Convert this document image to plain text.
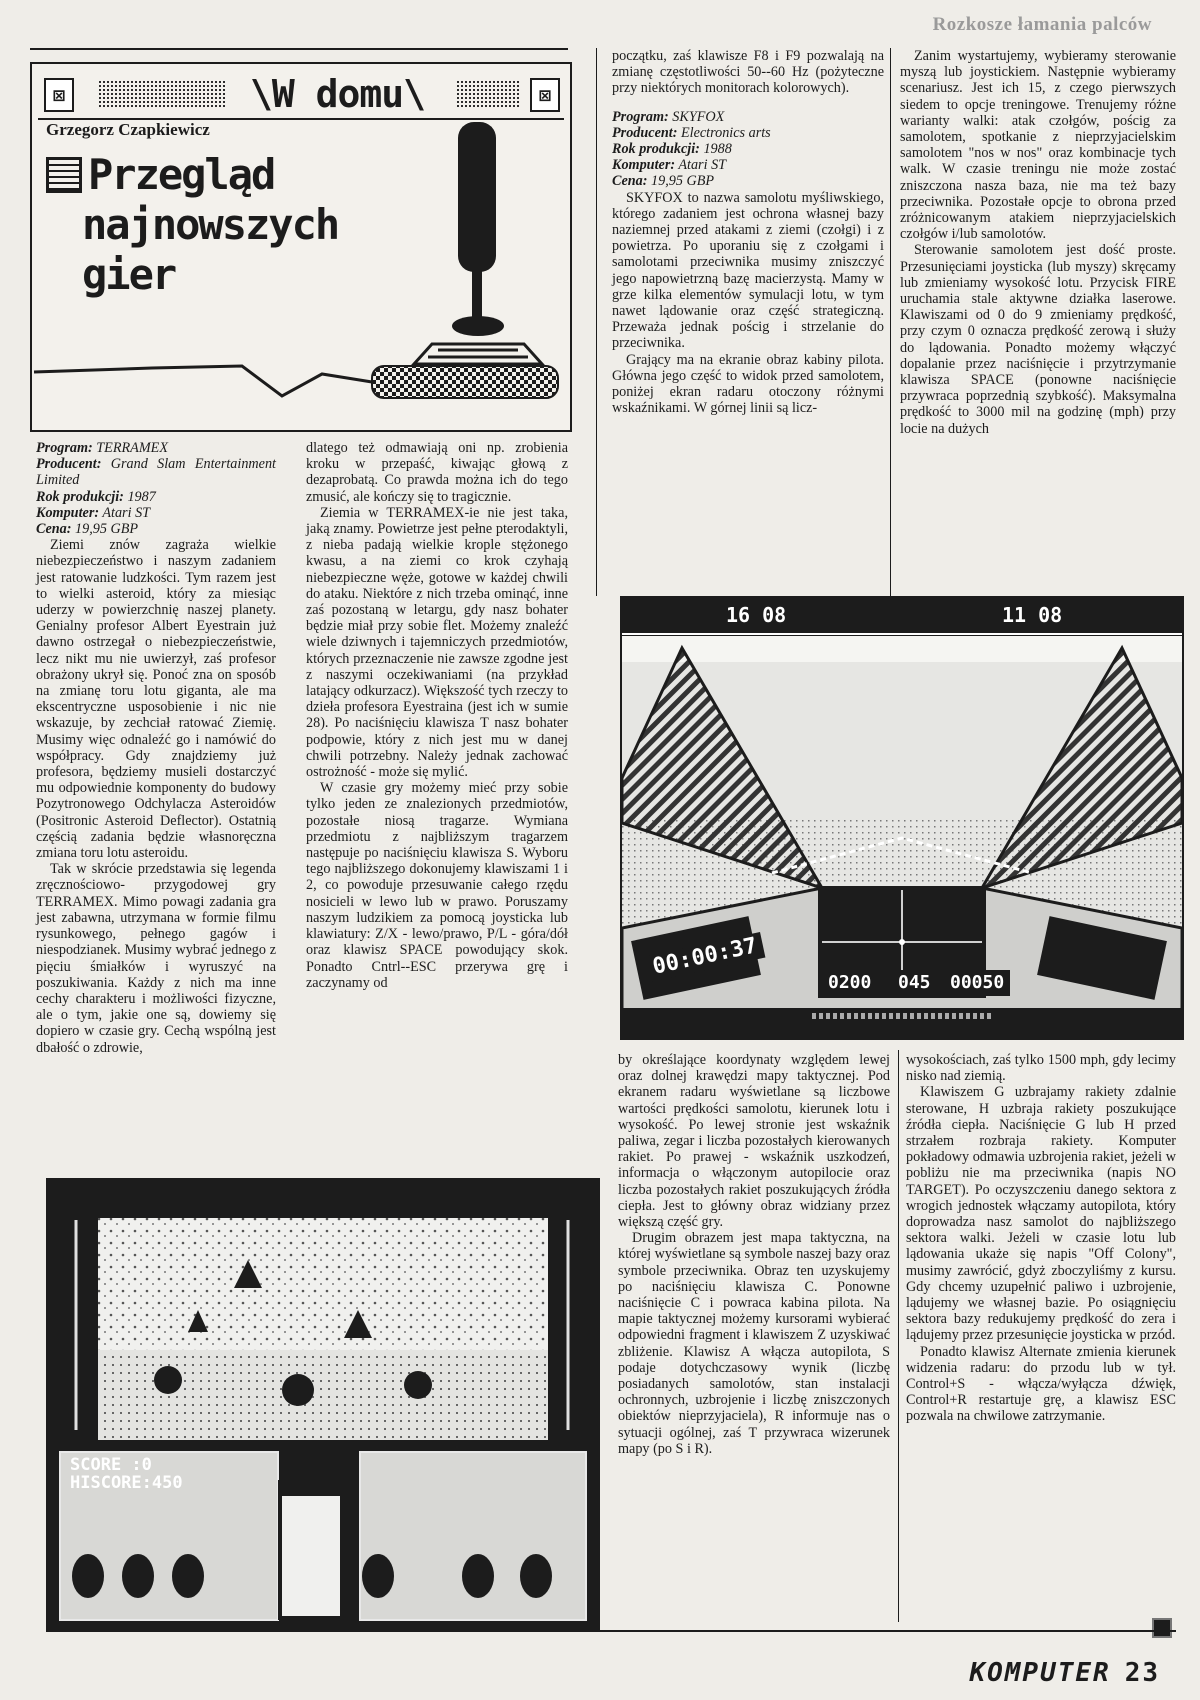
Rozkosze łamania palców
⊠	\W domu\	⊠
Grzegorz Czapkiewicz
Przegląd
najnowszych
gier

Program: TERRAMEX

Producent: Grand Slam Entertainment Limited

Rok produkcji: 1987

Komputer: Atari ST

Cena: 19,95 GBP

Ziemi znów zagraża wielkie niebezpieczeństwo i naszym zadaniem jest ratowanie ludzkości. Tym razem jest to wielki asteroid, który za miesiąc uderzy w powierzchnię naszej planety. Genialny profesor Albert Eyestrain już dawno ostrzegał o niebezpieczeństwie, lecz nikt mu nie uwierzył, zaś profesor obrażony ukrył się. Ponoć zna on sposób na zmianę toru lotu giganta, ale ma ekscentryczne usposobienie i nic nie wskazuje, by zechciał ratować Ziemię. Musimy więc odnaleźć go i namówić do współpracy. Gdy znajdziemy już profesora, będziemy musieli dostarczyć mu odpowiednie komponenty do budowy Pozytronowego Odchylacza Asteroidów (Positronic Asteroid Deflector). Ostatnią częścią zadania będzie własnoręczna zmiana toru lotu asteroidu.

Tak w skrócie przedstawia się legenda zręcznościowo- przygodowej gry TERRAMEX. Mimo powagi zadania gra jest zabawna, utrzymana w formie filmu rysunkowego, pełnego gagów i niespodzianek. Musimy wybrać jednego z pięciu śmiałków i wyruszyć na poszukiwania. Każdy z nich ma inne cechy charakteru i możliwości fizyczne, ale o tym, jakie one są, dowiemy się dopiero w czasie gry. Cechą wspólną jest dbałość o zdrowie,

dlatego też odmawiają oni np. zrobienia kroku w przepaść, kiwając głową z dezaprobatą. Co prawda można ich do tego zmusić, ale kończy się to tragicznie.

Ziemia w TERRAMEX-ie nie jest taka, jaką znamy. Powietrze jest pełne pterodaktyli, z nieba padają wielkie krople stężonego kwasu, a na ziemi co krok czyhają niebezpieczne węże, gotowe w każdej chwili do ataku. Niektóre z nich trzeba ominąć, inne zaś pozostaną w letargu, gdy nasz bohater będzie miał przy sobie flet. Możemy znaleźć wiele dziwnych i tajemniczych przedmiotów, których przeznaczenie nie zawsze zgodne jest z naszymi oczekiwaniami (na przykład latający odkurzacz). Większość tych rzeczy to dzieła profesora Eyestraina (jest ich w sumie 28). Po naciśnięciu klawisza T nasz bohater podpowie, który z nich jest mu w danej chwili potrzebny. Należy jednak zachować ostrożność - może się mylić.

W czasie gry możemy mieć przy sobie tylko jeden ze znalezionych przedmiotów, pozostałe niosą tragarze. Wymiana przedmiotu z najbliższym tragarzem następuje po naciśnięciu klawisza S. Wyboru tego najbliższego dokonujemy klawiszami 1 i 2, co powoduje przesuwanie całego rzędu nosicieli w lewo lub w prawo. Poruszamy naszym ludzikiem za pomocą joysticka lub klawiatury: Z/X - lewo/prawo, P/L - góra/dół oraz klawisz SPACE powodujący skok. Ponadto Cntrl--ESC przerywa grę i zaczynamy od

początku, zaś klawisze F8 i F9 pozwalają na zmianę częstotliwości 50--60 Hz (pożyteczne przy niektórych monitorach kolorowych).

Program: SKYFOX

Producent: Electronics arts

Rok produkcji: 1988

Komputer: Atari ST

Cena: 19,95 GBP

SKYFOX to nazwa samolotu myśliwskiego, którego zadaniem jest ochrona własnej bazy naziemnej przed atakami z ziemi (czołgi) i z powietrza. Po uporaniu się z czołgami i samolotami przeciwnika musimy zniszczyć jego napowietrzną bazę macierzystą. Mamy w grze kilka elementów symulacji lotu, w tym nawet lądowanie oraz część strategiczną. Przeważa jednak pościg i strzelanie do przeciwnika.

Grający ma na ekranie obraz kabiny pilota. Główna jego część to widok przed samolotem, poniżej ekran radaru otoczony różnymi wskaźnikami. W górnej linii są licz-

Zanim wystartujemy, wybieramy sterowanie myszą lub joystickiem. Następnie wybieramy scenariusz. Jest ich 15, z czego pierwszych siedem to opcje treningowe. Trenujemy różne warianty walki: atak czołgów, pościg za samolotem, spotkanie z nieprzyjacielskim samolotem "nos w nos" oraz kombinacje tych walk. W czasie treningu nie może zostać zniszczona nasza baza, nie ma też bazy przeciwnika. Pozostałe opcje to obrona przed zróżnicowanym atakiem nieprzyjacielskich czołgów i/lub samolotów.

Sterowanie samolotem jest dość proste. Przesunięciami joysticka (lub myszy) skręcamy lub zmieniamy wysokość lotu. Przycisk FIRE uruchamia stale aktywne działka laserowe. Klawiszami od 0 do 9 zmieniamy prędkość, przy czym 0 oznacza prędkość zerową i służy do lądowania. Ponadto możemy włączyć dopalanie przez naciśnięcie i przytrzymanie klawisza SPACE (ponowne naciśnięcie przywraca poprzednią szybkość). Maksymalna prędkość to 3000 mil na godzinę (mph) przy locie na dużych

16 08	11 08
00:00:37
0200	045	00050

by określające koordynaty względem lewej oraz dolnej krawędzi mapy taktycznej. Pod ekranem radaru wyświetlane są liczbowe wartości prędkości samolotu, kierunek lotu i wysokość. Po lewej stronie jest wskaźnik paliwa, zegar i liczba pozostałych kierowanych rakiet. Po prawej - wskaźnik uszkodzeń, informacja o włączonym autopilocie oraz liczba pozostałych rakiet poszukujących źródła ciepła. Jest to główny obraz widziany przez większą część gry.

Drugim obrazem jest mapa taktyczna, na której wyświetlane są symbole naszej bazy oraz symbole przeciwnika. Obraz ten uzyskujemy po naciśnięciu klawisza C. Ponowne naciśnięcie C i powraca kabina pilota. Na mapie taktycznej możemy kursorami wybierać odpowiedni fragment i klawiszem Z uzyskiwać zbliżenie. Klawisz A włącza autopilota, S podaje dotychczasowy wynik (liczbę posiadanych samolotów, stan instalacji ochronnych, uzbrojenie i liczbę zniszczonych obiektów nieprzyjaciela), R informuje nas o sytuacji ogólnej, zaś T przywraca wizerunek mapy (po S i R).

wysokościach, zaś tylko 1500 mph, gdy lecimy nisko nad ziemią.

Klawiszem G uzbrajamy rakiety zdalnie sterowane, H uzbraja rakiety poszukujące źródła ciepła. Naciśnięcie G lub H przed strzałem rozbraja rakiety. Komputer pokładowy odmawia uzbrojenia rakiet, jeżeli w pobliżu nie ma przeciwnika (napis NO TARGET). Po oczyszczeniu danego sektora z wrogich jednostek włączamy autopilota, który doprowadza nasz samolot do najbliższego sektora walki. Jeżeli w czasie lotu lub lądowania ukaże się napis "Off Colony", musimy zawrócić, gdyż zboczyliśmy z kursu. Gdy chcemy uzupełnić paliwo i uzbrojenie, lądujemy we własnej bazie. Po osiągnięciu sektora bazy redukujemy prędkość do zera i lądujemy przez przesunięcie joysticka w przód.

Ponadto klawisz Alternate zmienia kierunek widzenia radaru: do przodu lub w tył. Control+S - włącza/wyłącza dźwięk, Control+R restartuje grę, a klawisz ESC pozwala na chwilowe zatrzymanie.

SCORE :0
HISCORE:450
KOMPUTER 23
